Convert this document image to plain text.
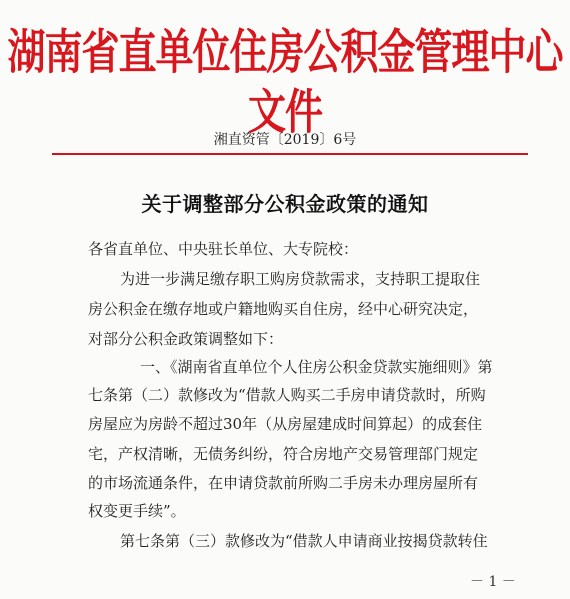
湖南省直单位住房公积金管理中心文件
湘直资管〔2019〕6号
关于调整部分公积金政策的通知
各省直单位、中央驻长单位、大专院校：
为进一步满足缴存职工购房贷款需求，支持职工提取住
房公积金在缴存地或户籍地购买自住房，经中心研究决定，
对部分公积金政策调整如下：
一、《湖南省直单位个人住房公积金贷款实施细则》第
七条第（二）款修改为“借款人购买二手房申请贷款时，所购
房屋应为房龄不超过30年（从房屋建成时间算起）的成套住
宅，产权清晰，无债务纠纷，符合房地产交易管理部门规定
的市场流通条件，在申请贷款前所购二手房未办理房屋所有
权变更手续”。
第七条第（三）款修改为“借款人申请商业按揭贷款转住
－ 1 －
